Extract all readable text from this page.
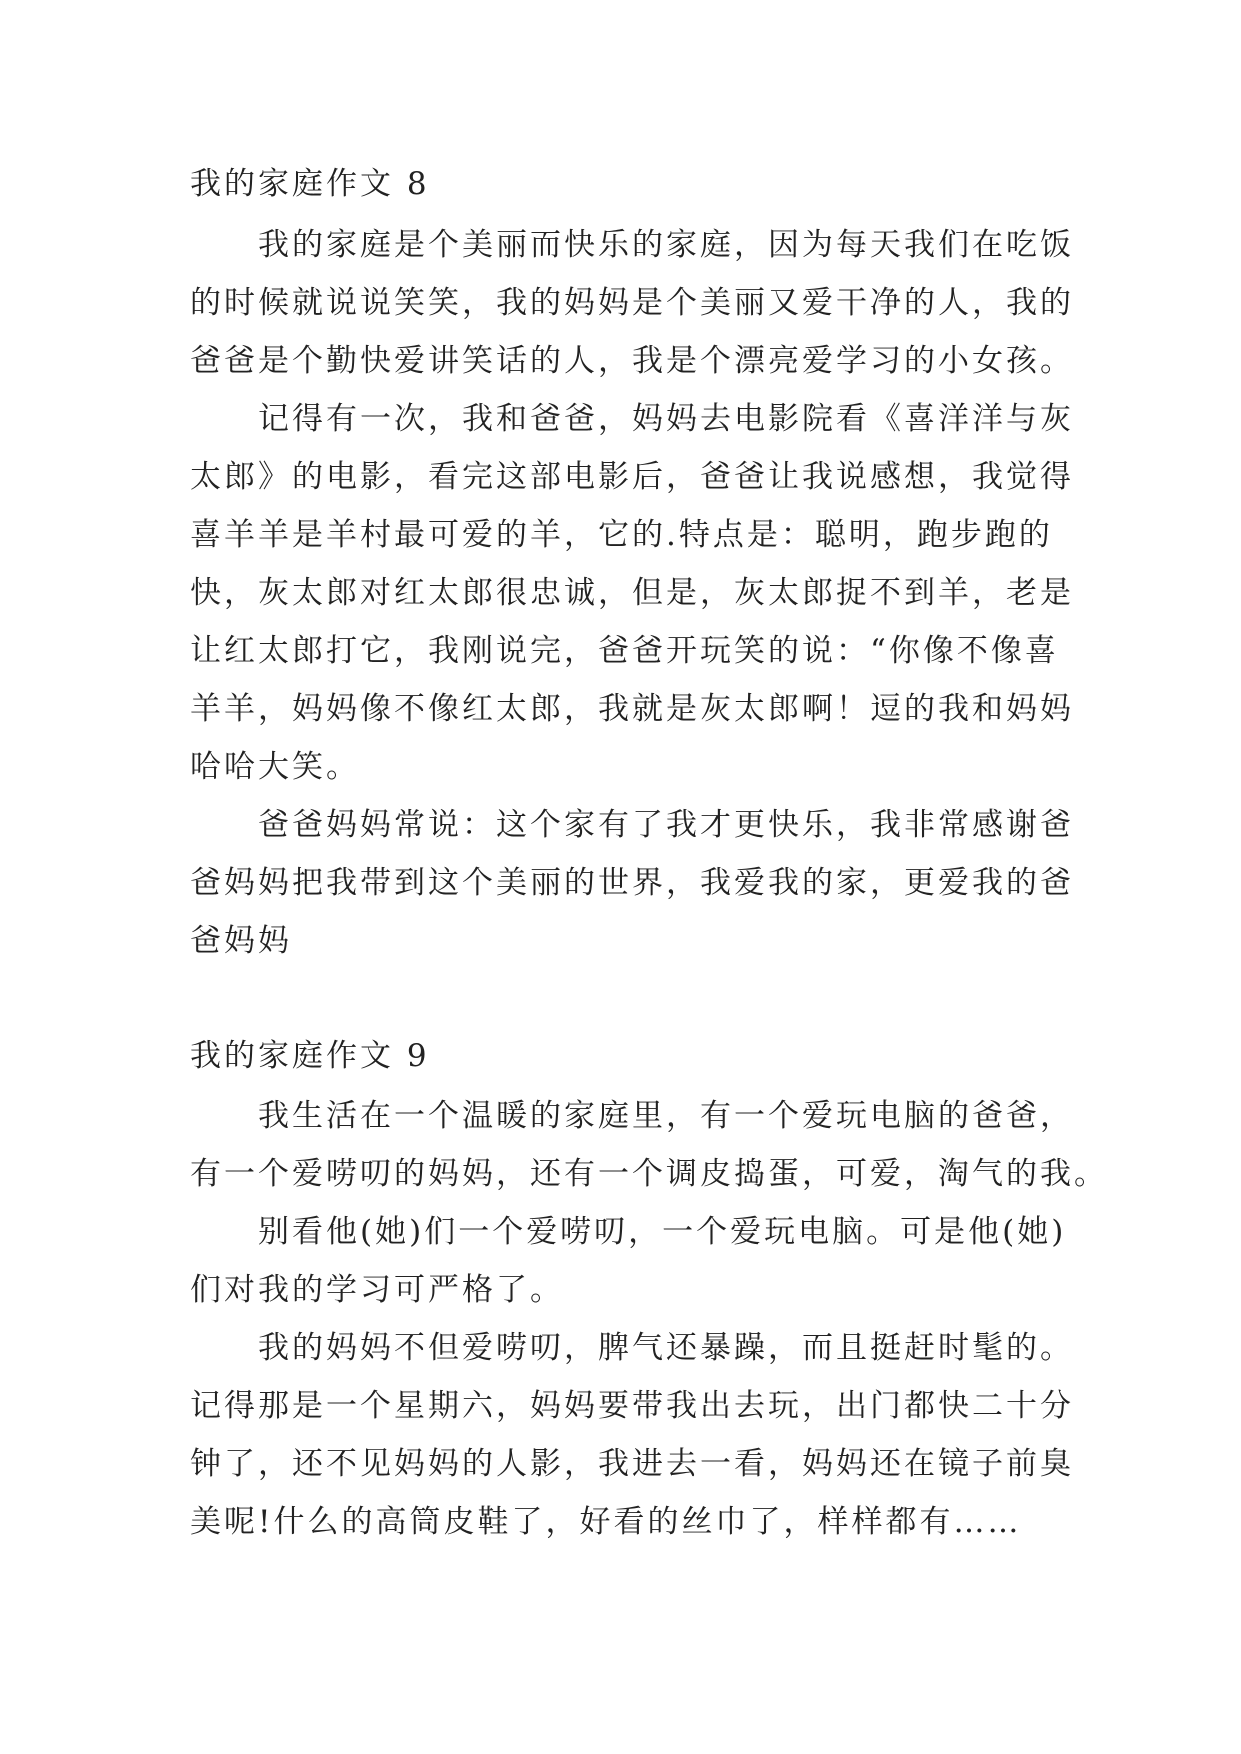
我的家庭作文 8
　　我的家庭是个美丽而快乐的家庭，因为每天我们在吃饭
的时候就说说笑笑，我的妈妈是个美丽又爱干净的人，我的
爸爸是个勤快爱讲笑话的人，我是个漂亮爱学习的小女孩。
　　记得有一次，我和爸爸，妈妈去电影院看《喜洋洋与灰
太郎》的电影，看完这部电影后，爸爸让我说感想，我觉得
喜羊羊是羊村最可爱的羊，它的.特点是：聪明，跑步跑的
快，灰太郎对红太郎很忠诚，但是，灰太郎捉不到羊，老是
让红太郎打它，我刚说完，爸爸开玩笑的说：“你像不像喜
羊羊，妈妈像不像红太郎，我就是灰太郎啊！逗的我和妈妈
哈哈大笑。
　　爸爸妈妈常说：这个家有了我才更快乐，我非常感谢爸
爸妈妈把我带到这个美丽的世界，我爱我的家，更爱我的爸
爸妈妈
我的家庭作文 9
　　我生活在一个温暖的家庭里，有一个爱玩电脑的爸爸，
有一个爱唠叨的妈妈，还有一个调皮捣蛋，可爱，淘气的我。
　　别看他(她)们一个爱唠叨，一个爱玩电脑。可是他(她)
们对我的学习可严格了。
　　我的妈妈不但爱唠叨，脾气还暴躁，而且挺赶时髦的。
记得那是一个星期六，妈妈要带我出去玩，出门都快二十分
钟了，还不见妈妈的人影，我进去一看，妈妈还在镜子前臭
美呢!什么的高筒皮鞋了，好看的丝巾了，样样都有……
